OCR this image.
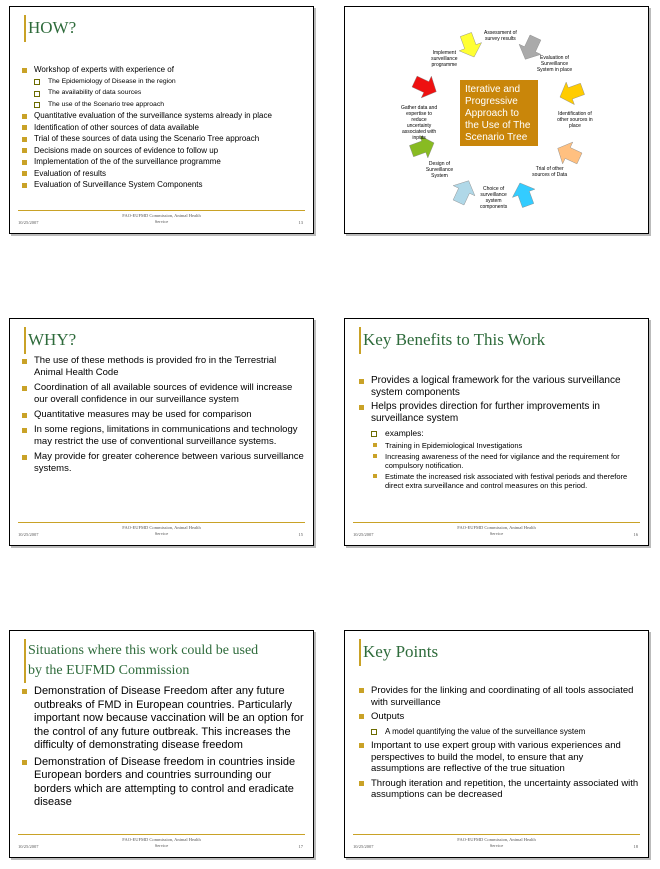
HOW?
Workshop of experts with experience of
The Epidemiology of Disease in the region
The availability of data sources
The use of the Scenario tree approach
Quantitative evaluation of the surveillance systems already in place
Identification of other sources of data available
Trial of these sources of data using the Scenario Tree approach
Decisions made on sources of evidence to follow up
Implementation of the of the surveillance programme
Evaluation of results
Evaluation of Surveillance System Components
10/25/2007
FAO-EUFMD Commission, Animal Health
Service	13
Iterative and Progressive Approach to the Use of The Scenario Tree
Assessment of survey results
Evaluation of Surveillance System in place
Identification of other sources in place
Trial of other sources of Data
Choice of surveillance system components
Design of Surveillance System
Gather data and expertise to reduce uncertainty associated with inputs
Implement surveillance programme
WHY?
The use of these methods is provided fro in the Terrestrial Animal Health Code
Coordination of all available sources of evidence will increase our overall confidence in our surveillance system
Quantitative measures may be used for comparison
In some regions, limitations in communications and technology may restrict the use of conventional surveillance systems.
May provide for greater coherence between various surveillance systems.
10/25/2007
FAO-EUFMD Commission, Animal Health
Service	15
Key Benefits to This Work
Provides a logical framework for the various surveillance system components
Helps provides direction for further improvements in surveillance system
examples:
Training in Epidemiological Investigations
Increasing awareness of the need for vigilance and the requirement for compulsory notification.
Estimate the increased risk associated with festival periods and therefore direct extra surveillance and control measures on this period.
10/25/2007
FAO-EUFMD Commission, Animal Health
Service	16
Situations where this work could be used
by the EUFMD Commission
Demonstration of Disease Freedom after any future outbreaks of FMD in European countries. Particularly important now because vaccination will be an option for the control of any future outbreak. This increases the difficulty of demonstrating disease freedom
Demonstration of Disease freedom in countries inside European borders and countries surrounding our borders which are attempting to control and eradicate disease
10/25/2007
FAO-EUFMD Commission, Animal Health
Service	17
Key Points
Provides for the linking and coordinating of all tools associated with surveillance
Outputs
A model quantifying the value of the surveillance system
Important to use expert group with various experiences and perspectives to build the model, to ensure that any assumptions are reflective of the true situation
Through iteration and repetition, the uncertainty associated with assumptions can be decreased
10/25/2007
FAO-EUFMD Commission, Animal Health
Service	18
